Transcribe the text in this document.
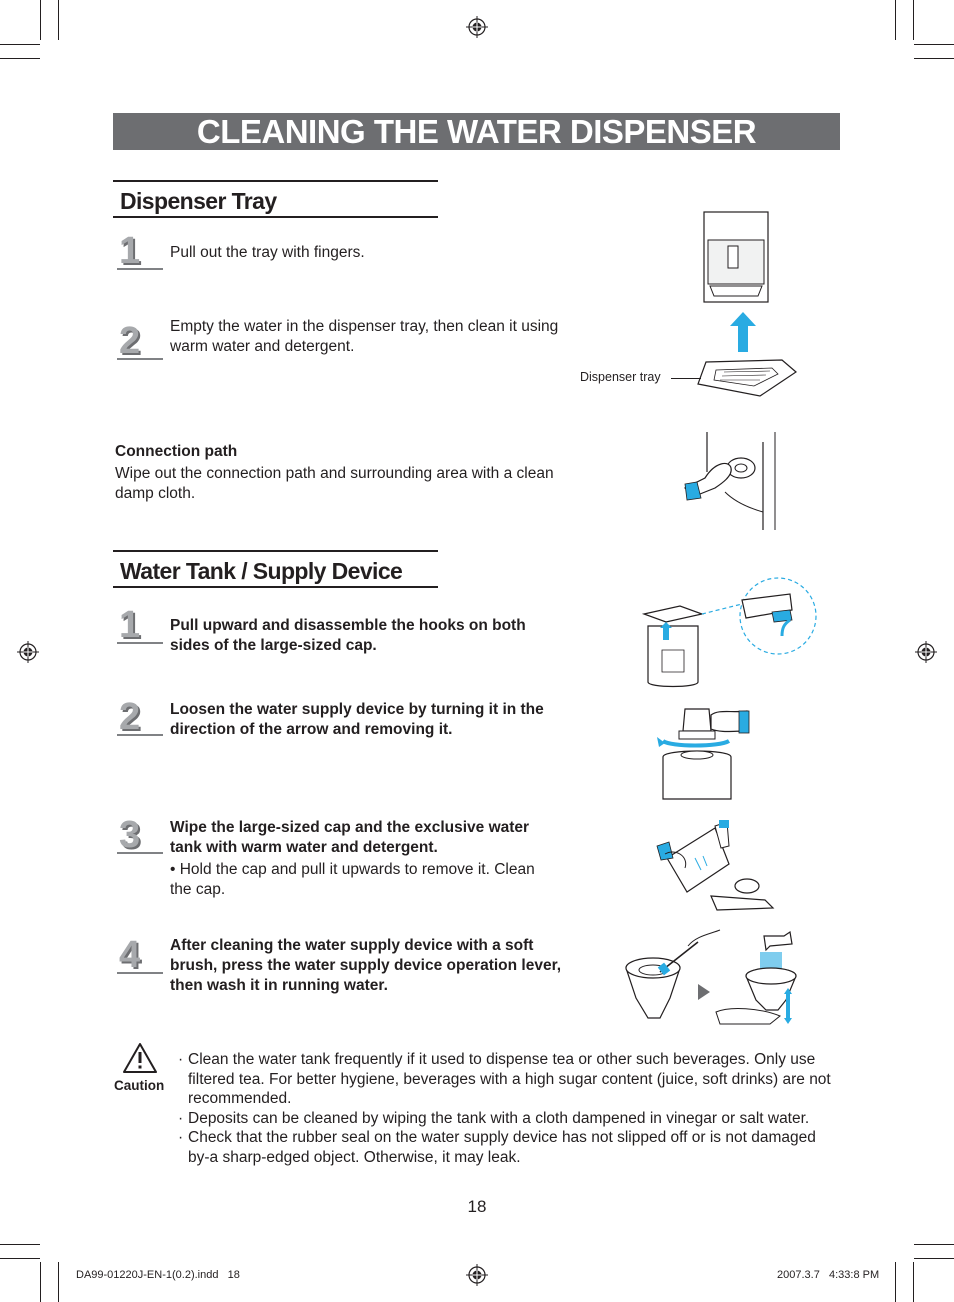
CLEANING THE WATER DISPENSER
Dispenser Tray
1	Pull out the tray with fingers.
2	Empty the water in the dispenser tray, then clean it using warm water and detergent.
Dispenser tray
Connection path
Wipe out the connection path and surrounding area with a clean damp cloth.
Water Tank / Supply Device
1	Pull upward and disassemble the hooks on both sides of the large-sized cap.
2	Loosen the water supply device by turning it in the direction of the arrow and removing it.
3	Wipe the large-sized cap and the exclusive water tank with warm water and detergent.
• Hold the cap and pull it upwards to remove it. Clean the cap.
4	After cleaning the water supply device with a soft brush, press the water supply device operation lever, then wash it in running water.
Caution
· Clean the water tank frequently if it used to dispense tea or other such beverages. Only use filtered tea. For better hygiene, beverages with a high sugar content (juice, soft drinks) are not recommended.
· Deposits can be cleaned by wiping the tank with a cloth dampened in vinegar or salt water.
· Check that the rubber seal on the water supply device has not slipped off or is not damaged by-a sharp-edged object. Otherwise, it may leak.
18
DA99-01220J-EN-1(0.2).indd   18	2007.3.7   4:33:8 PM
